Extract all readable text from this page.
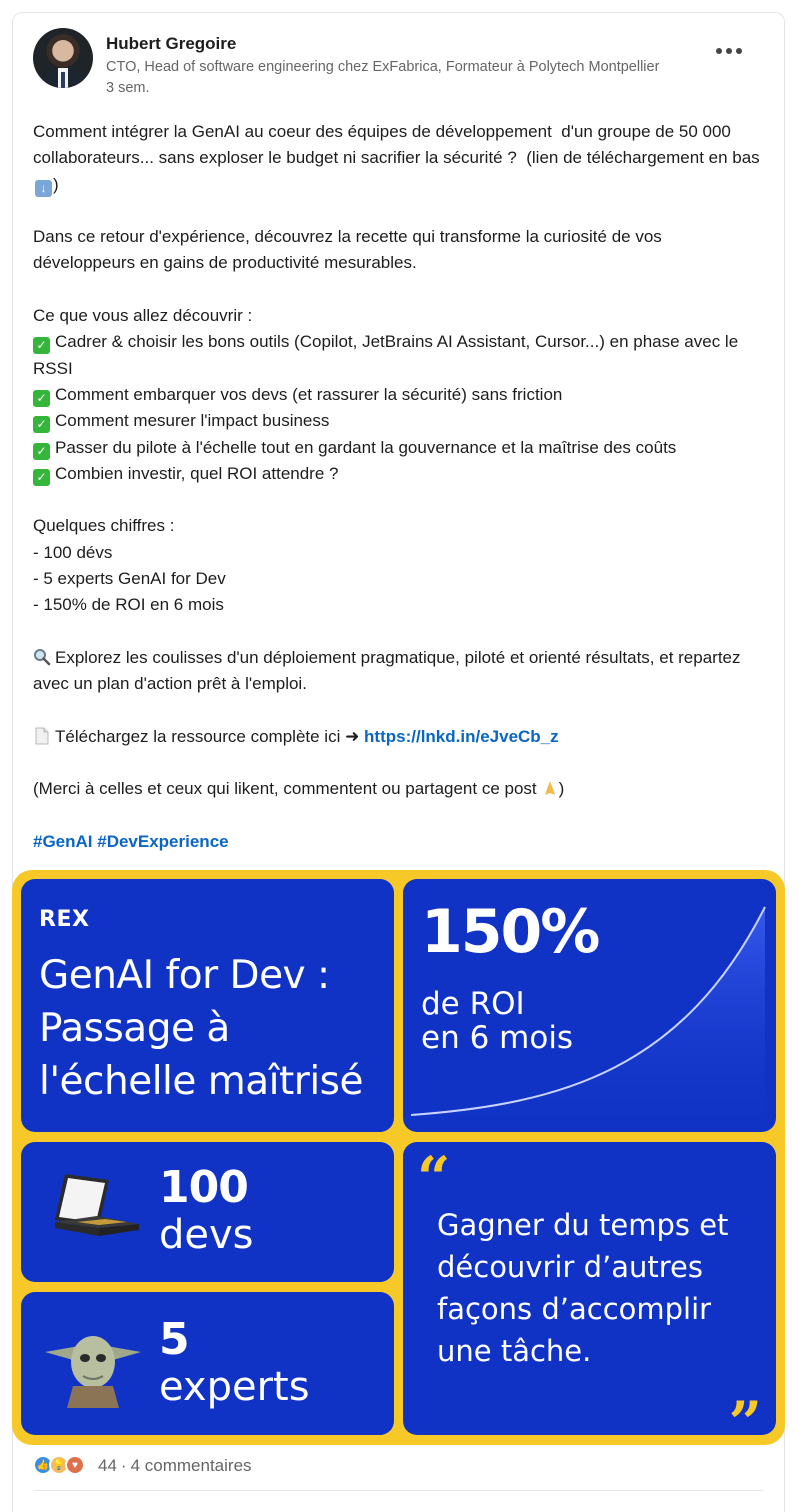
Hubert Gregoire
CTO, Head of software engineering chez ExFabrica, Formateur à Polytech Montpellier
3 sem.

Comment intégrer la GenAI au coeur des équipes de développement  d'un groupe de 50 000 collaborateurs... sans exploser le budget ni sacrifier la sécurité ?  (lien de téléchargement en bas↓ )

Dans ce retour d'expérience, découvrez la recette qui transforme la curiosité de vos développeurs en gains de productivité mesurables.

Ce que vous allez découvrir :

✓ Cadrer & choisir les bons outils (Copilot, JetBrains AI Assistant, Cursor...) en phase avec le RSSI

✓ Comment embarquer vos devs (et rassurer la sécurité) sans friction

✓ Comment mesurer l'impact business

✓ Passer du pilote à l'échelle tout en gardant la gouvernance et la maîtrise des coûts

✓ Combien investir, quel ROI attendre ?

Quelques chiffres :

- 100 dévs

- 5 experts GenAI for Dev

- 150% de ROI en 6 mois

Explorez les coulisses d'un déploiement pragmatique, piloté et orienté résultats, et repartez avec un plan d'action prêt à l'emploi.

Téléchargez la ressource complète ici ➜ https://lnkd.in/eJveCb_z

(Merci à celles et ceux qui likent, commentent ou partagent ce post )

#GenAI #DevExperience

REX
GenAI for Dev : Passage à l'échelle maîtrisé
150%
de ROI
en 6 mois
100
devs
5
experts
“
Gagner du temps et découvrir d’autres façons d’accomplir une tâche.
”
👍 💡 ♥	44 · 4 commentaires
